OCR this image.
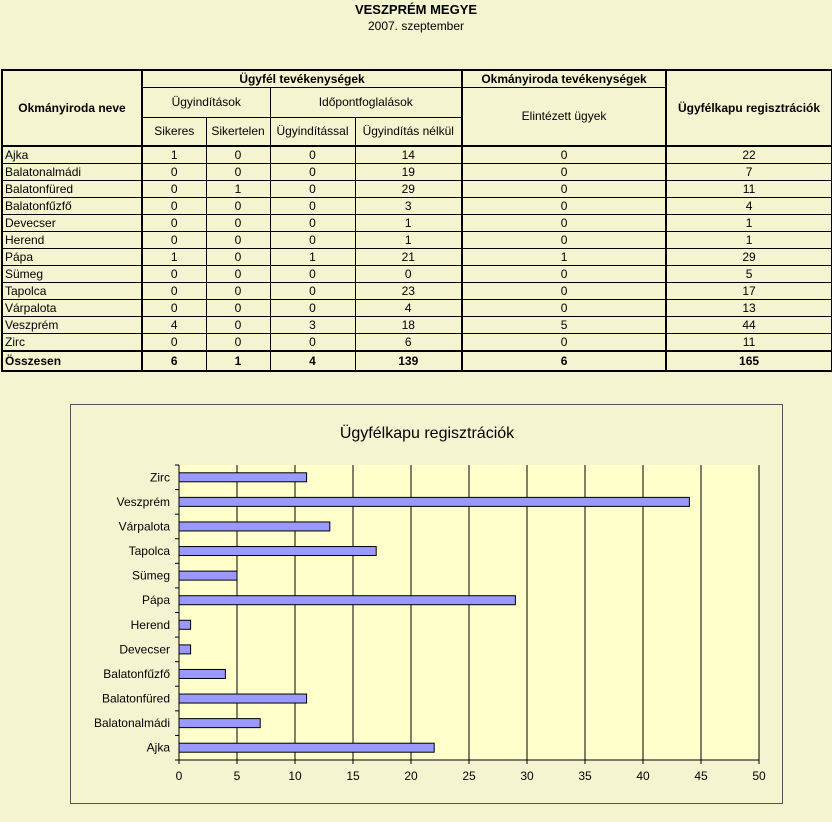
VESZPRÉM MEGYE
2007. szeptember
Okmányiroda neve	Ügyfél tevékenységek				Okmányiroda tevékenységek	Ügyfélkapu regisztrációk
	Ügyindítások		Időpontfoglalások		Elintézett ügyek	
	Sikeres	Sikertelen	Ügyindítással	Ügyindítás nélkül		
Ajka	1	0	0	14	0	22
Balatonalmádi	0	0	0	19	0	7
Balatonfüred	0	1	0	29	0	11
Balatonfűzfő	0	0	0	3	0	4
Devecser	0	0	0	1	0	1
Herend	0	0	0	1	0	1
Pápa	1	0	1	21	1	29
Sümeg	0	0	0	0	0	5
Tapolca	0	0	0	23	0	17
Várpalota	0	0	0	4	0	13
Veszprém	4	0	3	18	5	44
Zirc	0	0	0	6	0	11
Összesen	6	1	4	139	6	165
Ügyfélkapu regisztrációk
0	5	10	15	20	25	30	35	40	45	50
Ajka
Balatonalmádi
Balatonfüred
Balatonfűzfő
Devecser
Herend
Pápa
Sümeg
Tapolca
Várpalota
Veszprém
Zirc
